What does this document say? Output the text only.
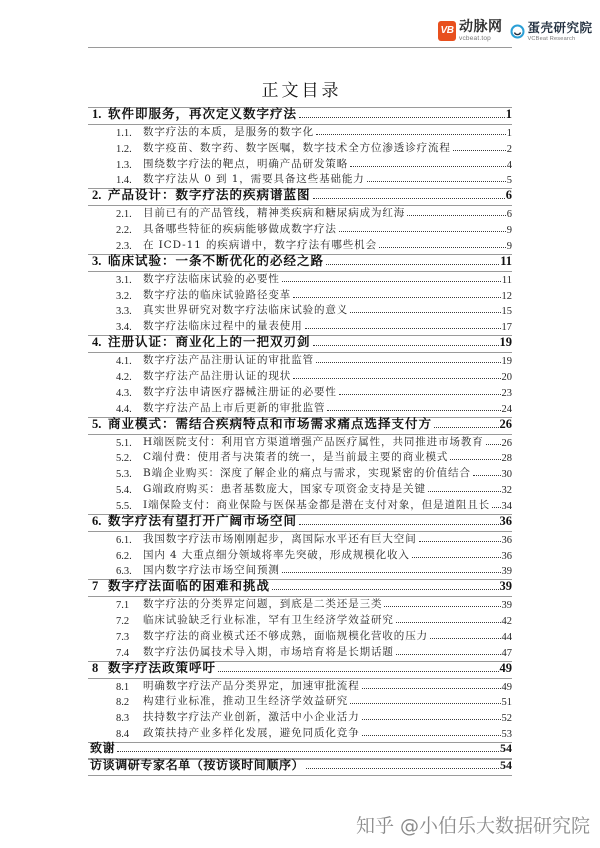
VB 动脉网
vcbeat.top
蛋壳研究院
VCBeat Research
正文目录
1. 软件即服务，再次定义数字疗法	1
1.1.	数字疗法的本质，是服务的数字化	1
1.2.	数字疫苗、数字药、数字医嘱，数字技术全方位渗透诊疗流程	2
1.3.	围绕数字疗法的靶点，明确产品研发策略	4
1.4.	数字疗法从 0 到 1，需要具备这些基础能力	5
2. 产品设计：数字疗法的疾病谱蓝图	6
2.1.	目前已有的产品管线，精神类疾病和糖尿病成为红海	6
2.2.	具备哪些特征的疾病能够做成数字疗法	9
2.3.	在 ICD-11 的疾病谱中，数字疗法有哪些机会	9
3. 临床试验：一条不断优化的必经之路	11
3.1.	数字疗法临床试验的必要性	11
3.2.	数字疗法的临床试验路径变革	12
3.3.	真实世界研究对数字疗法临床试验的意义	15
3.4.	数字疗法临床过程中的量表使用	17
4. 注册认证：商业化上的一把双刃剑	19
4.1.	数字疗法产品注册认证的审批监管	19
4.2.	数字疗法产品注册认证的现状	20
4.3.	数字疗法申请医疗器械注册证的必要性	23
4.4.	数字疗法产品上市后更新的审批监管	24
5. 商业模式：需结合疾病特点和市场需求痛点选择支付方	26
5.1.	H端医院支付：利用官方渠道增强产品医疗属性，共同推进市场教育 26
5.2.	C端付费：使用者与决策者的统一，是当前最主要的商业模式	28
5.3.	B端企业购买：深度了解企业的痛点与需求，实现紧密的价值结合	30
5.4.	G端政府购买：患者基数庞大，国家专项资金支持是关键	32
5.5.	I端保险支付：商业保险与医保基金都是潜在支付对象，但是道阻且长 34
6. 数字疗法有望打开广阔市场空间	36
6.1.	我国数字疗法市场刚刚起步，离国际水平还有巨大空间	36
6.2.	国内 4 大重点细分领域将率先突破，形成规模化收入	36
6.3.	国内数字疗法市场空间预测	39
7 数字疗法面临的困难和挑战	39
7.1	数字疗法的分类界定问题，到底是二类还是三类	39
7.2	临床试验缺乏行业标准，罕有卫生经济学效益研究	42
7.3	数字疗法的商业模式还不够成熟，面临规模化营收的压力	44
7.4	数字疗法仍属技术导入期，市场培育将是长期话题	47
8 数字疗法政策呼吁	49
8.1	明确数字疗法产品分类界定，加速审批流程	49
8.2	构建行业标准，推动卫生经济学效益研究	51
8.3	扶持数字疗法产业创新，激活中小企业活力	52
8.4	政策扶持产业多样化发展，避免同质化竞争	53
致谢	54
访谈调研专家名单（按访谈时间顺序）	54
知乎 @小伯乐大数据研究院
